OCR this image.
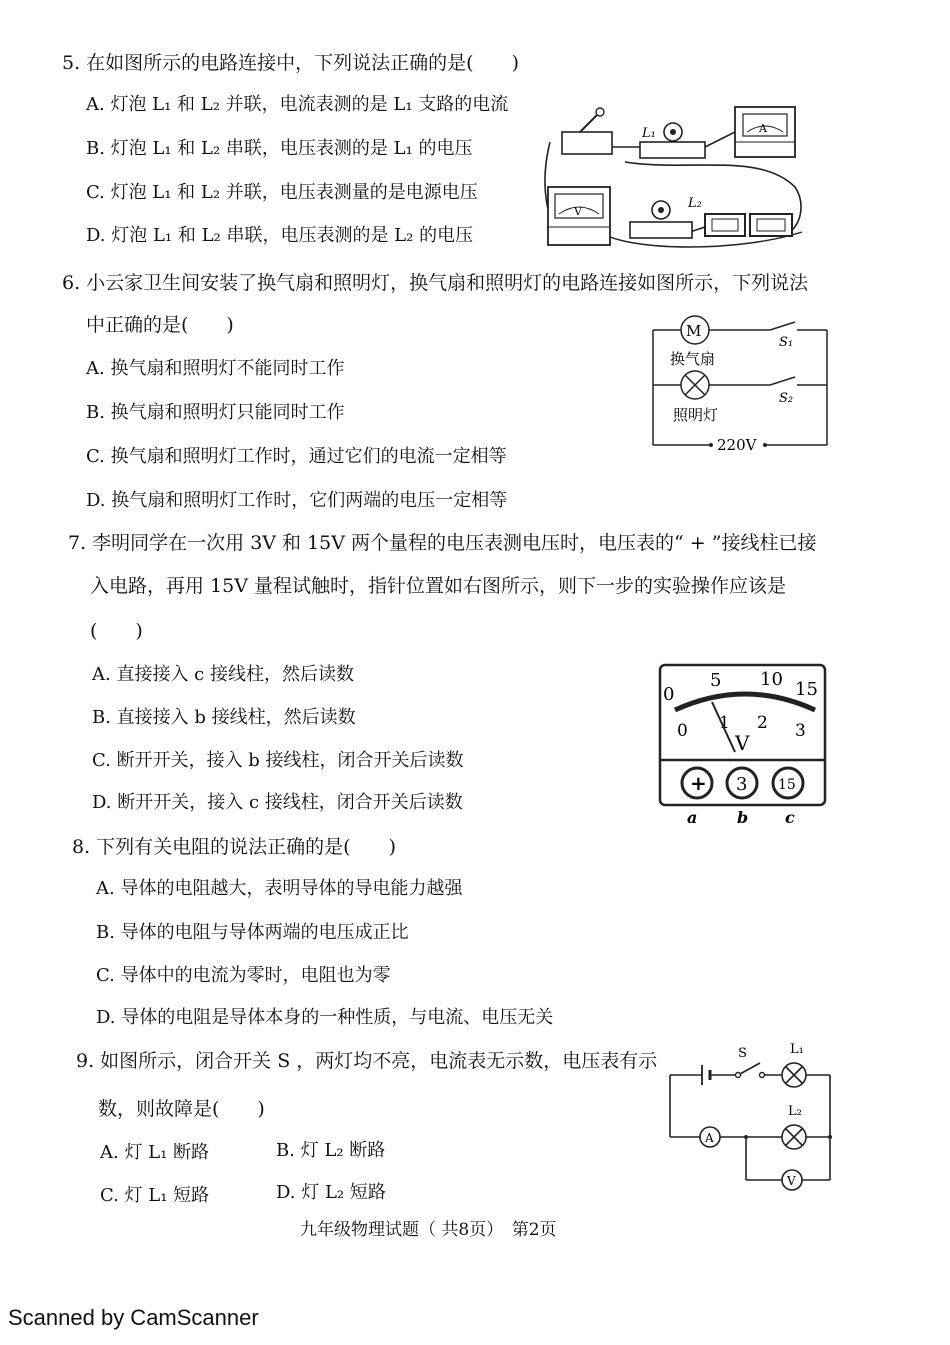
5. 在如图所示的电路连接中，下列说法正确的是(　　)
A. 灯泡 L₁ 和 L₂ 并联，电流表测的是 L₁ 支路的电流
B. 灯泡 L₁ 和 L₂ 串联，电压表测的是 L₁ 的电压
C. 灯泡 L₁ 和 L₂ 并联，电压表测量的是电源电压
D. 灯泡 L₁ 和 L₂ 串联，电压表测的是 L₂ 的电压
L₁	A
V
L₂
6. 小云家卫生间安装了换气扇和照明灯，换气扇和照明灯的电路连接如图所示，下列说法
中正确的是(　　)
A. 换气扇和照明灯不能同时工作
B. 换气扇和照明灯只能同时工作
C. 换气扇和照明灯工作时，通过它们的电流一定相等
D. 换气扇和照明灯工作时，它们两端的电压一定相等
M
S₁
换气扇
S₂
照明灯
220V
7. 李明同学在一次用 3V 和 15V 两个量程的电压表测电压时，电压表的“ + ”接线柱已接
入电路，再用 15V 量程试触时，指针位置如右图所示，则下一步的实验操作应该是
(　　)
A. 直接接入 c 接线柱，然后读数
B. 直接接入 b 接线柱，然后读数
C. 断开开关，接入 b 接线柱，闭合开关后读数
D. 断开开关，接入 c 接线柱，闭合开关后读数
0
5 10 15
0 1 2 3
V
+ 3 15
a b c
8. 下列有关电阻的说法正确的是(　　)
A. 导体的电阻越大，表明导体的导电能力越强
B. 导体的电阻与导体两端的电压成正比
C. 导体中的电流为零时，电阻也为零
D. 导体的电阻是导体本身的一种性质，与电流、电压无关
9. 如图所示，闭合开关 S ，两灯均不亮，电流表无示数，电压表有示
数，则故障是(　　)
A. 灯 L₁ 断路	B. 灯 L₂ 断路
C. 灯 L₁ 短路	D. 灯 L₂ 短路
S	L₁
A
L₂
V
九年级物理试题（ 共8页）　第2页
Scanned by CamScanner
